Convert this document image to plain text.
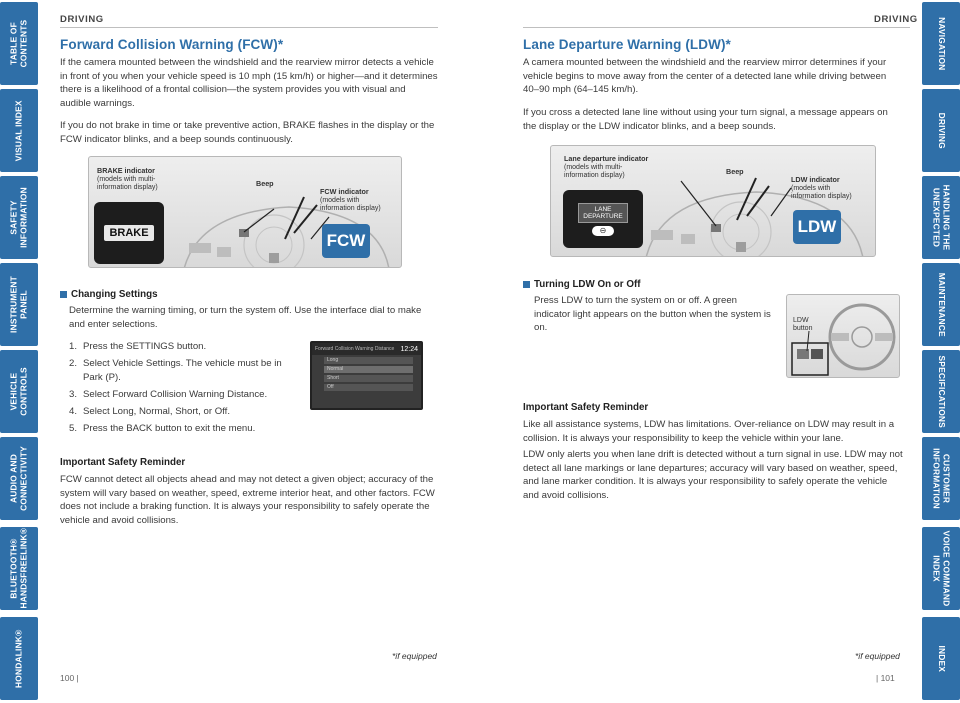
TABLE OF CONTENTS
VISUAL INDEX
SAFETY
INFORMATION
INSTRUMENT PANEL
VEHICLE
CONTROLS
AUDIO AND
CONNECTIVITY
BLUETOOTH®
HANDSFREELINK®
HONDALINK®
NAVIGATION
DRIVING
HANDLING THE
UNEXPECTED
MAINTENANCE
SPECIFICATIONS
CUSTOMER
INFORMATION
VOICE COMMAND
INDEX
INDEX
DRIVING
Forward Collision Warning (FCW)*

If the camera mounted between the windshield and the rearview mirror detects a vehicle in front of you when your vehicle speed is 10 mph (15 km/h) or higher—and it determines there is a likelihood of a frontal collision—the system provides you with visual and audible warnings.

If you do not brake in time or take preventive action, BRAKE flashes in the display or the FCW indicator blinks, and a beep sounds continuously.

BRAKE indicator
(models with multi-
information display)	Beep
FCW indicator
(models with
information display)
BRAKE	FCW
Changing Settings

Determine the warning timing, or turn the system off. Use the interface dial to make and enter selections.

1. Press the SETTINGS button.
2. Select Vehicle Settings. The vehicle must be in Park (P).
3. Select Forward Collision Warning Distance.
4. Select Long, Normal, Short, or Off.
5. Press the BACK button to exit the menu.
Forward Collision Warning Distance 12:24
Long
Normal
Short
Off
Important Safety Reminder

FCW cannot detect all objects ahead and may not detect a given object; accuracy of the system will vary based on weather, speed, extreme interior heat, and other factors. FCW does not include a braking function. It is always your responsibility to safely operate the vehicle and avoid collisions.

*if equipped
100 |
DRIVING
Lane Departure Warning (LDW)*

A camera mounted between the windshield and the rearview mirror determines if your vehicle begins to move away from the center of a detected lane while driving between 40–90 mph (64–145 km/h).

If you cross a detected lane line without using your turn signal, a message appears on the display or the LDW indicator blinks, and a beep sounds.

Lane departure indicator
(models with multi-
information display)	Beep
LDW indicator
(models with
information display)
LANE
DEPARTURE
⊖	LDW
Turning LDW On or Off

Press LDW to turn the system on or off. A green indicator light appears on the button when the system is on.

LDW
button
Important Safety Reminder

Like all assistance systems, LDW has limitations. Over-reliance on LDW may result in a collision. It is always your responsibility to keep the vehicle within your lane.

LDW only alerts you when lane drift is detected without a turn signal in use. LDW may not detect all lane markings or lane departures; accuracy will vary based on weather, speed, and lane marker condition. It is always your responsibility to safely operate the vehicle and avoid collisions.

*if equipped
| 101
